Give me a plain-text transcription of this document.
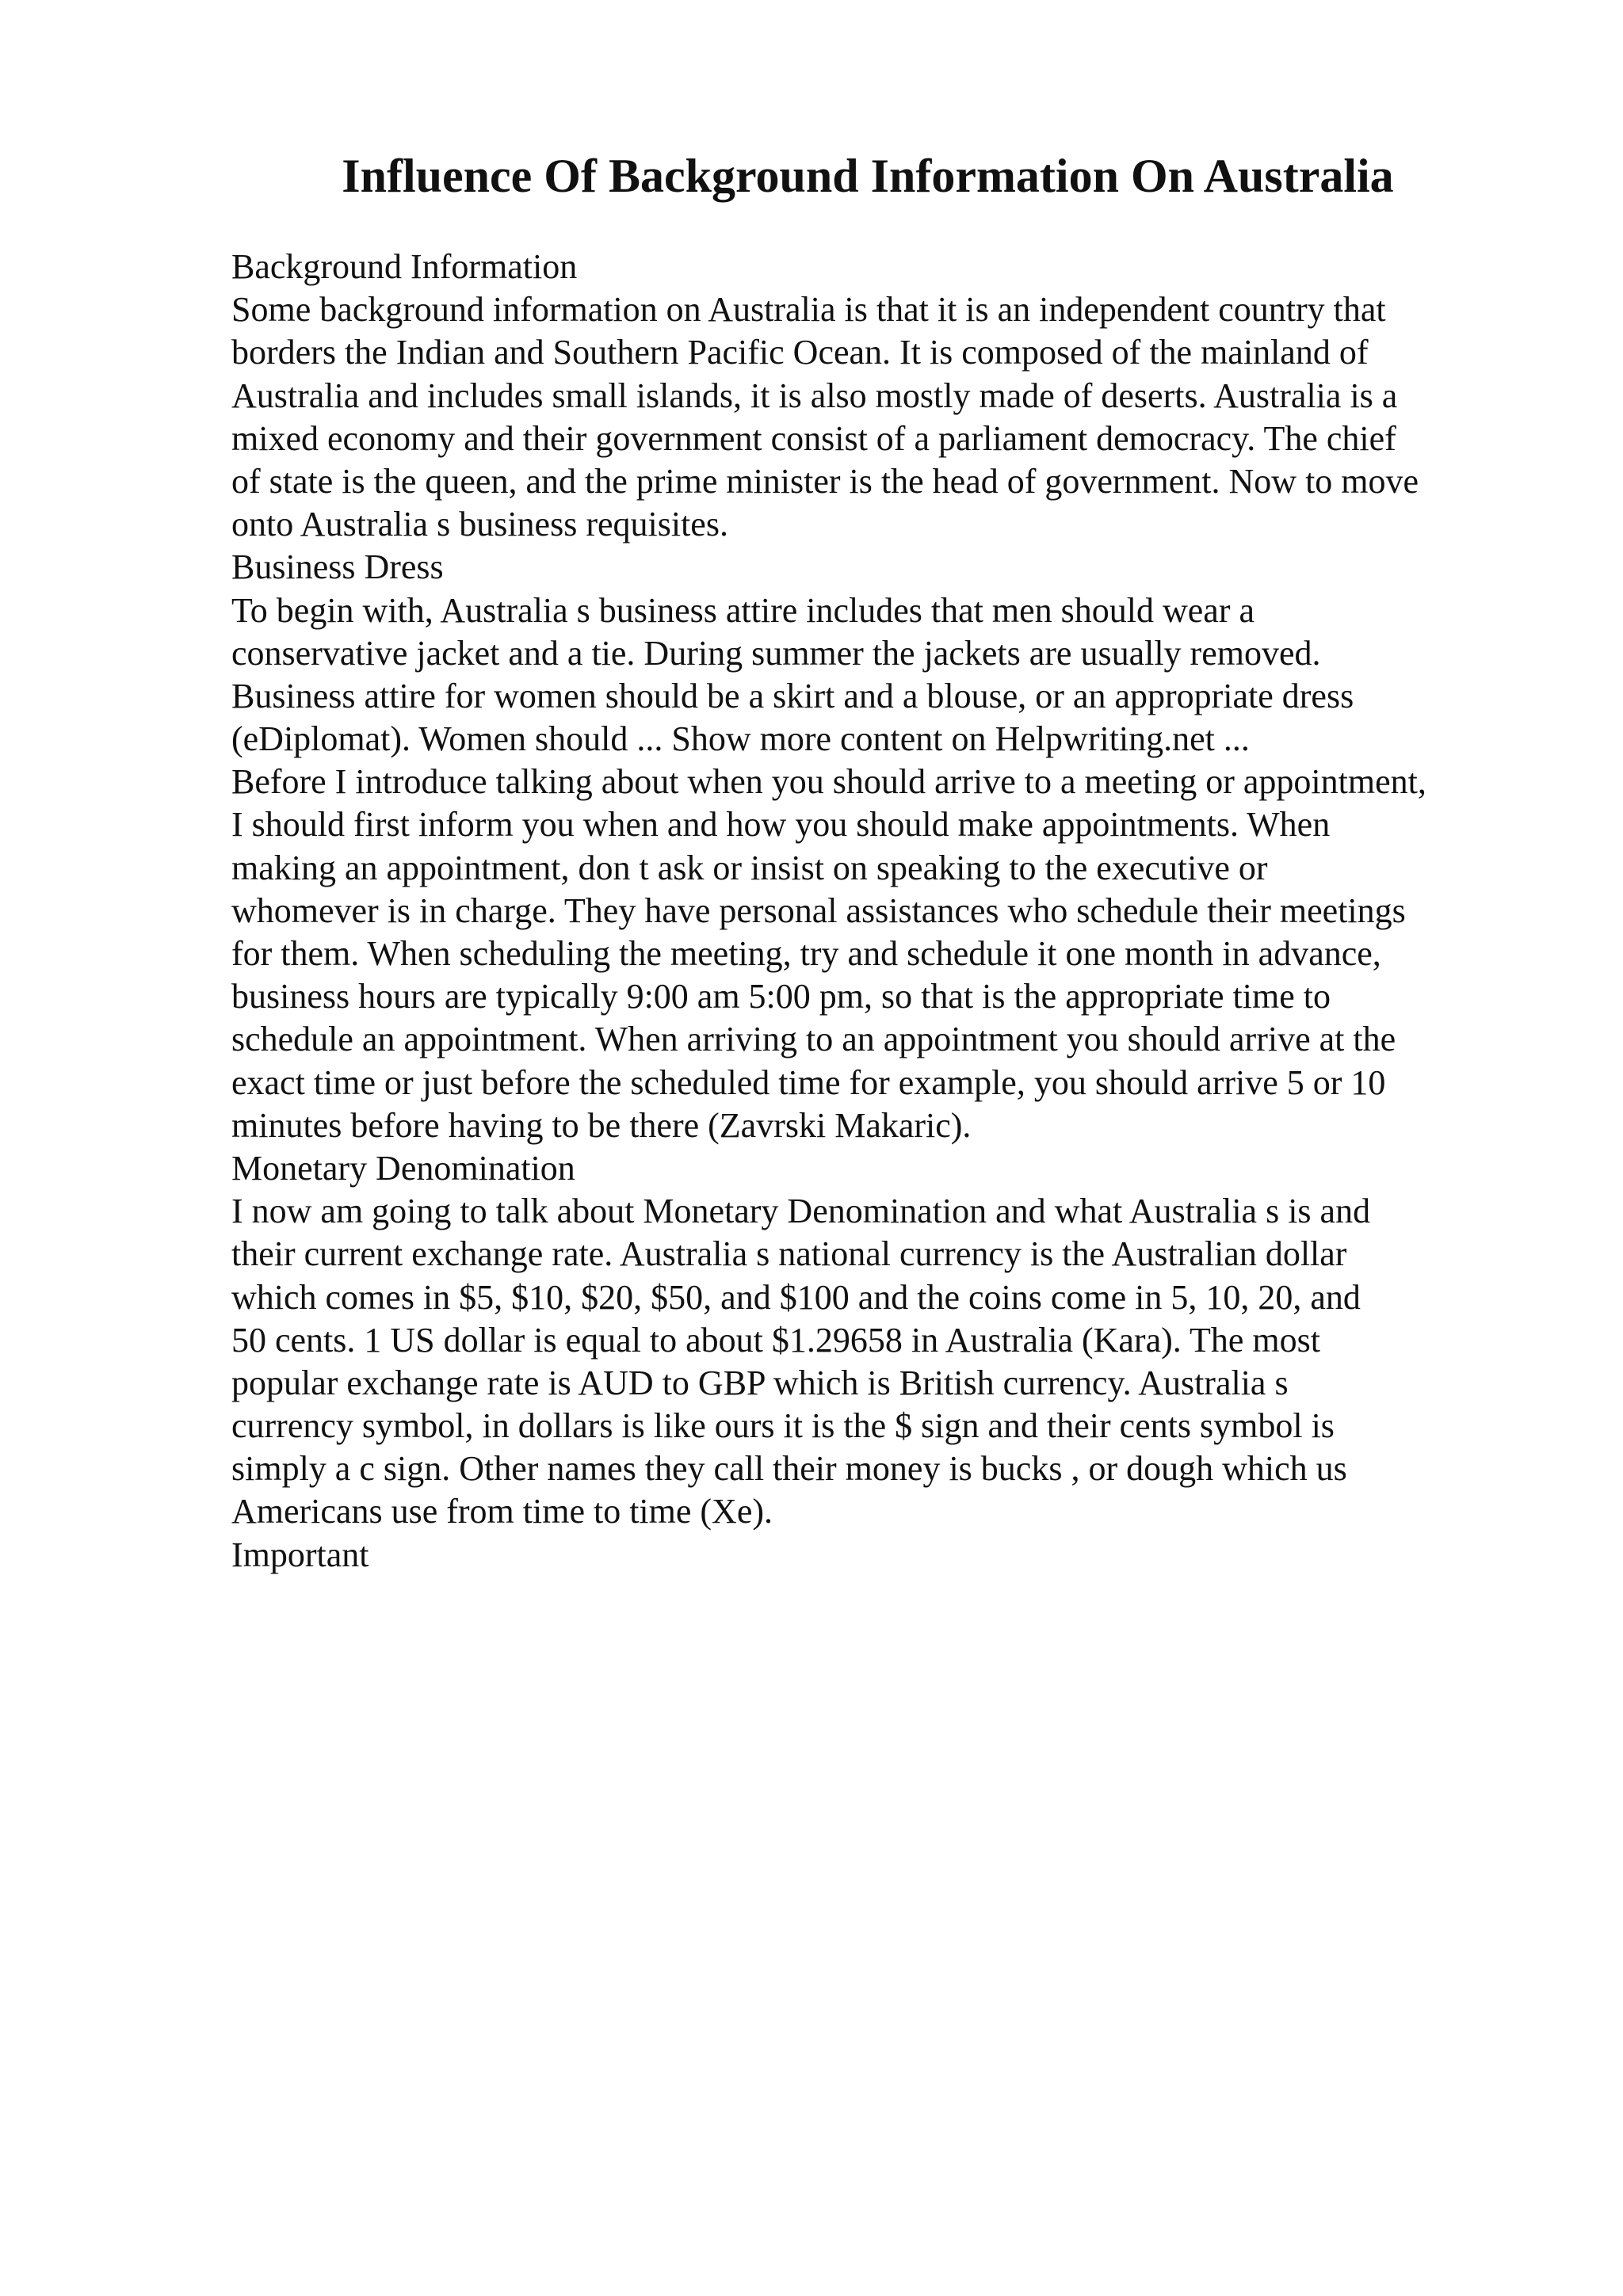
Influence Of Background Information On Australia
Background Information
Some background information on Australia is that it is an independent country that
borders the Indian and Southern Pacific Ocean. It is composed of the mainland of
Australia and includes small islands, it is also mostly made of deserts. Australia is a
mixed economy and their government consist of a parliament democracy. The chief
of state is the queen, and the prime minister is the head of government. Now to move
onto Australia s business requisites.
Business Dress
To begin with, Australia s business attire includes that men should wear a
conservative jacket and a tie. During summer the jackets are usually removed.
Business attire for women should be a skirt and a blouse, or an appropriate dress
(eDiplomat). Women should ... Show more content on Helpwriting.net ...
Before I introduce talking about when you should arrive to a meeting or appointment,
I should first inform you when and how you should make appointments. When
making an appointment, don t ask or insist on speaking to the executive or
whomever is in charge. They have personal assistances who schedule their meetings
for them. When scheduling the meeting, try and schedule it one month in advance,
business hours are typically 9:00 am 5:00 pm, so that is the appropriate time to
schedule an appointment. When arriving to an appointment you should arrive at the
exact time or just before the scheduled time for example, you should arrive 5 or 10
minutes before having to be there (Zavrski Makaric).
Monetary Denomination
I now am going to talk about Monetary Denomination and what Australia s is and
their current exchange rate. Australia s national currency is the Australian dollar
which comes in $5, $10, $20, $50, and $100 and the coins come in 5, 10, 20, and
50 cents. 1 US dollar is equal to about $1.29658 in Australia (Kara). The most
popular exchange rate is AUD to GBP which is British currency. Australia s
currency symbol, in dollars is like ours it is the $ sign and their cents symbol is
simply a c sign. Other names they call their money is bucks , or dough which us
Americans use from time to time (Xe).
Important
